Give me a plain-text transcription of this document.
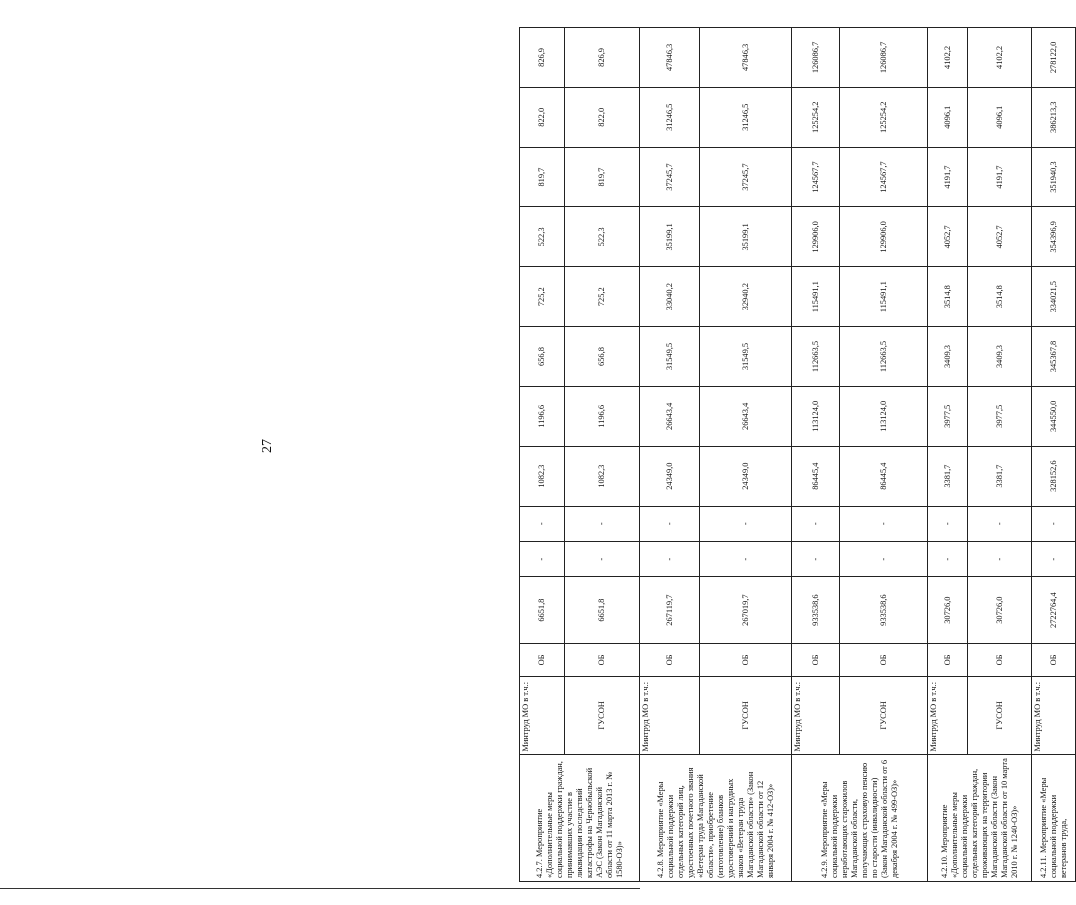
27
4.2.7. Мероприятие «Дополнительные меры социальной поддержки граждан, принимавших участие в ликвидации последствий катастрофы на Чернобыльской АЭС (Закон Магаданской области от 11 марта 2013 г. № 1580-ОЗ)»	Минтруд МО в т.ч.:	ОБ	6651,8	-	-	1082,3	1196,6	656,8	725,2	522,3	819,7	822,0	826,9
	ГУСОН	ОБ	6651,8	-	-	1082,3	1196,6	656,8	725,2	522,3	819,7	822,0	826,9
4.2.8. Мероприятие «Меры социальной поддержки отдельных категорий лиц, удостоенных почетного звания «Ветеран труда Магаданской области», приобретение (изготовление) бланков удостоверений и нагрудных знаков «Ветеран труда Магаданской области» (Закон Магаданской области от 12 января 2004 г. № 412-ОЗ)»	Минтруд МО в т.ч.:	ОБ	267119,7	-	-	24349,0	26643,4	31549,5	33040,2	35199,1	37245,7	31246,5	47846,3
	ГУСОН	ОБ	267019,7	-	-	24349,0	26643,4	31549,5	32940,2	35199,1	37245,7	31246,5	47846,3
4.2.9. Мероприятие «Меры социальной поддержки неработающих старожилов Магаданской области, получающих страховую пенсию по старости (инвалидности) (Закон Магаданской области от 6 декабря 2004 г. № 499-ОЗ)»	Минтруд МО в т.ч.:	ОБ	933538,6	-	-	86445,4	113124,0	112663,5	115491,1	129906,0	124567,7	125254,2	126086,7
	ГУСОН	ОБ	933538,6	-	-	86445,4	113124,0	112663,5	115491,1	129906,0	124567,7	125254,2	126086,7
4.2.10. Мероприятие «Дополнительные меры социальной поддержки отдельных категорий граждан, проживающих на территории Магаданской области (Закон Магаданской области от 10 марта 2010 г. № 1240-ОЗ)»	Минтруд МО в т.ч.:	ОБ	30726,0	-	-	3381,7	3977,5	3409,3	3514,8	4052,7	4191,7	4096,1	4102,2
	ГУСОН	ОБ	30726,0	-	-	3381,7	3977,5	3409,3	3514,8	4052,7	4191,7	4096,1	4102,2
4.2.11. Мероприятие «Меры социальной поддержки ветеранов труда,	Минтруд МО в т.ч.:	ОБ	2722764,4	-	-	328152,6	344550,0	345367,8	334021,5	354396,9	351940,3	386213,3	278122,0
